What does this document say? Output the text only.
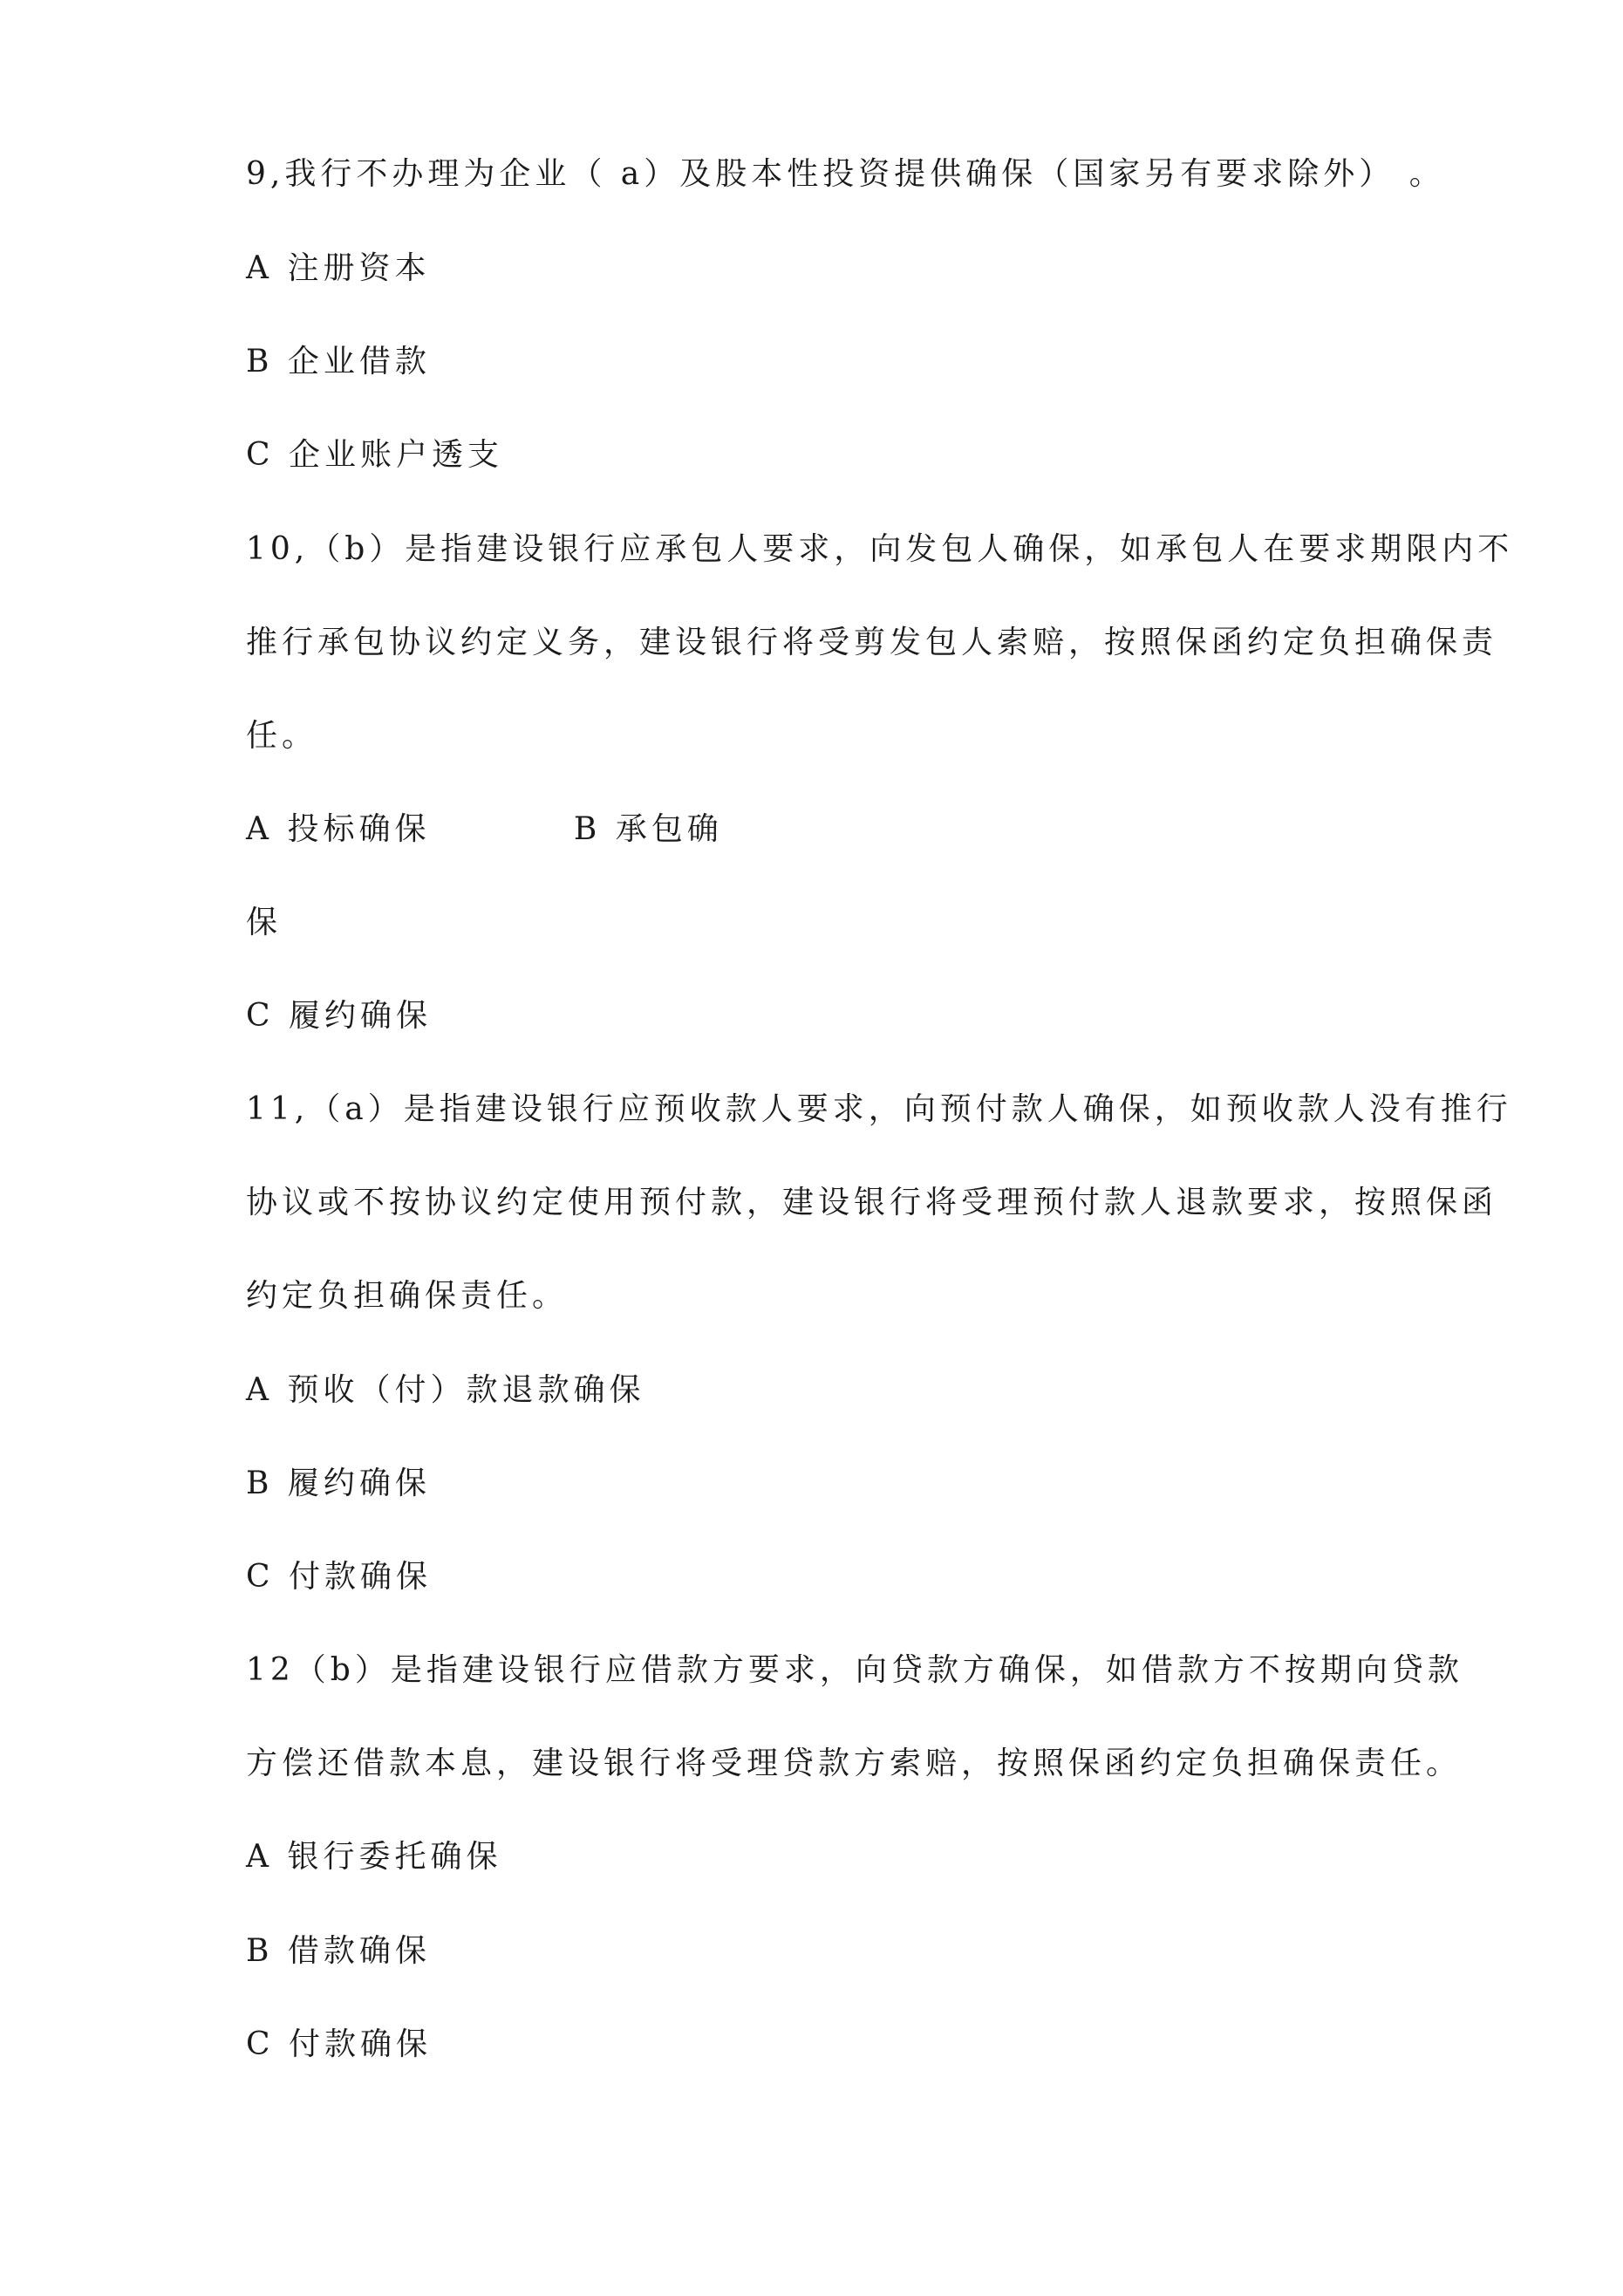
9,我行不办理为企业（ a）及股本性投资提供确保（国家另有要求除外） 。
A 注册资本
B 企业借款
C 企业账户透支
10,（b）是指建设银行应承包人要求，向发包人确保，如承包人在要求期限内不
推行承包协议约定义务，建设银行将受剪发包人索赔，按照保函约定负担确保责
任。
A 投标确保          B 承包确
保
C 履约确保
11,（a）是指建设银行应预收款人要求，向预付款人确保，如预收款人没有推行
协议或不按协议约定使用预付款，建设银行将受理预付款人退款要求，按照保函
约定负担确保责任。
A 预收（付）款退款确保
B 履约确保
C 付款确保
12（b）是指建设银行应借款方要求，向贷款方确保，如借款方不按期向贷款
方偿还借款本息，建设银行将受理贷款方索赔，按照保函约定负担确保责任。
A 银行委托确保
B 借款确保
C 付款确保
